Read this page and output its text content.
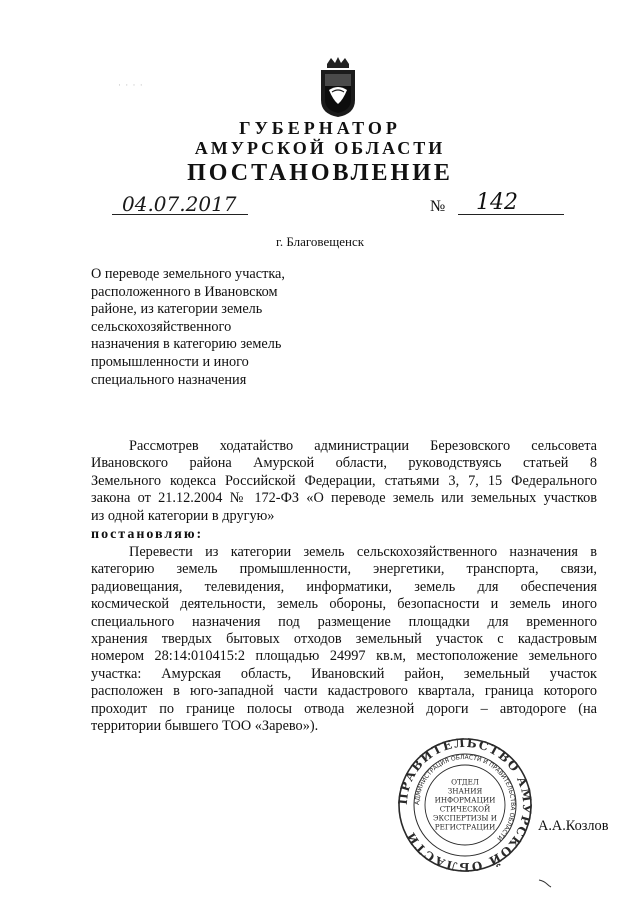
· · · ·
ГУБЕРНАТОР
АМУРСКОЙ ОБЛАСТИ
ПОСТАНОВЛЕНИЕ
04.07.2017	№ 142
г. Благовещенск
О переводе земельного участка,
расположенного в Ивановском
районе, из категории земель
сельскохозяйственного
назначения в категорию земель
промышленности и иного
специального назначения
Рассмотрев ходатайство администрации Березовского сельсовета
Ивановского района Амурской области, руководствуясь статьей 8
Земельного кодекса Российской Федерации, статьями 3, 7, 15 Федерального
закона от 21.12.2004 № 172-ФЗ «О переводе земель или земельных участков
из одной категории в другую»
постановляю:
Перевести из категории земель сельскохозяйственного назначения в
категорию земель промышленности, энергетики, транспорта, связи,
радиовещания, телевидения, информатики, земель для обеспечения
космической деятельности, земель обороны, безопасности и земель иного
специального назначения под размещение площадки для временного
хранения твердых бытовых отходов земельный участок с кадастровым
номером 28:14:010415:2 площадью 24997 кв.м, местоположение земельного
участка: Амурская область, Ивановский район, земельный участок
расположен в юго-западной части кадастрового квартала, граница которого
проходит по границе полосы отвода железной дороги – автодороге (на
территории бывшего ТОО «Зарево»).
ПРАВИТЕЛЬСТВО АМУРСКОЙ ОБЛАСТИ
АДМИНИСТРАЦИЯ ОБЛАСТИ И ПРАВИТЕЛЬСТВА ОБЛАСТИ
ОТДЕЛ
ЗНАНИЯ
ИНФОРМАЦИИ
СТИЧЕСКОЙ
ЭКСПЕРТИЗЫ И
РЕГИСТРАЦИИ	А.А.Козлов
